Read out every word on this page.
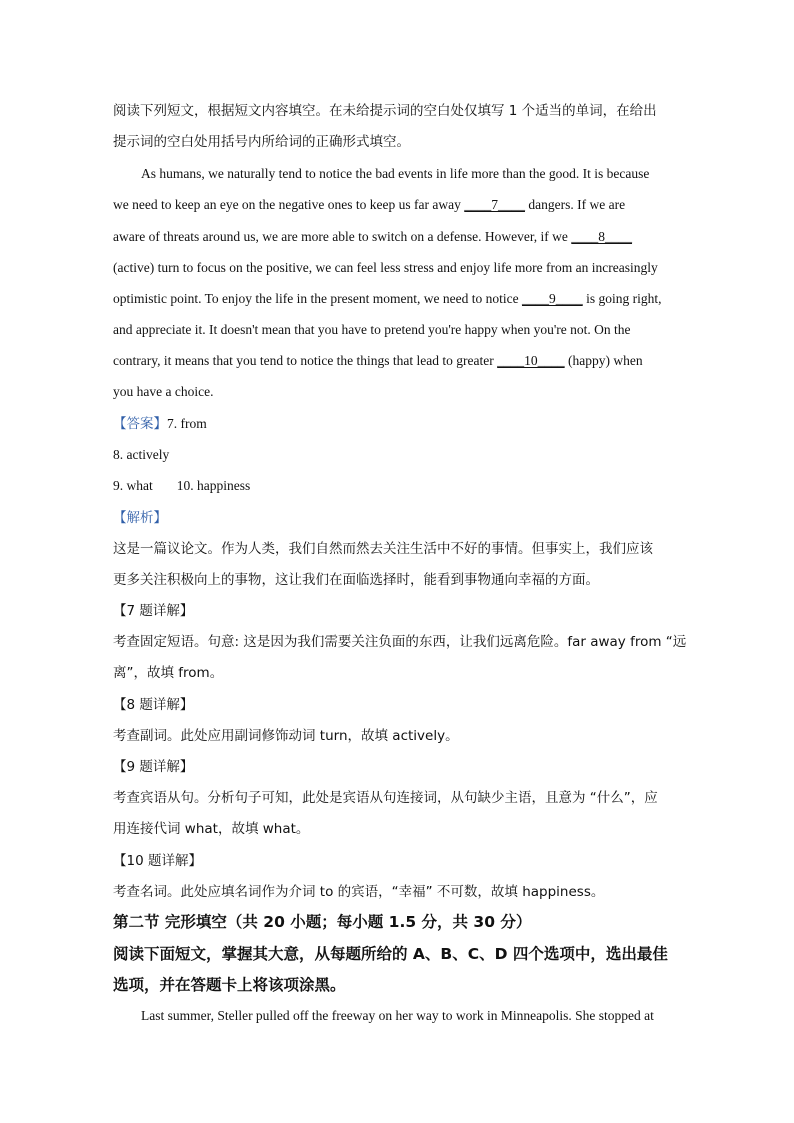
阅读下列短文，根据短文内容填空。在未给提示词的空白处仅填写 1 个适当的单词，在给出
提示词的空白处用括号内所给词的正确形式填空。
As humans, we naturally tend to notice the bad events in life more than the good. It is because
we need to keep an eye on the negative ones to keep us far away ____7____ dangers. If we are
aware of threats around us, we are more able to switch on a defense. However, if we ____8____
(active) turn to focus on the positive, we can feel less stress and enjoy life more from an increasingly
optimistic point. To enjoy the life in the present moment, we need to notice ____9____ is going right,
and appreciate it. It doesn't mean that you have to pretend you're happy when you're not. On the
contrary, it means that you tend to notice the things that lead to greater ____10____ (happy) when
you have a choice.
【答案】7. from
8. actively
9. what 10. happiness
【解析】
这是一篇议论文。作为人类，我们自然而然去关注生活中不好的事情。但事实上，我们应该
更多关注积极向上的事物，这让我们在面临选择时，能看到事物通向幸福的方面。
【7 题详解】
考查固定短语。句意: 这是因为我们需要关注负面的东西，让我们远离危险。far away from “远
离”，故填 from。
【8 题详解】
考查副词。此处应用副词修饰动词 turn，故填 actively。
【9 题详解】
考查宾语从句。分析句子可知，此处是宾语从句连接词，从句缺少主语，且意为 “什么”，应
用连接代词 what，故填 what。
【10 题详解】
考查名词。此处应填名词作为介词 to 的宾语，“幸福” 不可数，故填 happiness。
第二节 完形填空（共 20 小题；每小题 1.5 分，共 30 分）
阅读下面短文，掌握其大意，从每题所给的 A、B、C、D 四个选项中，选出最佳
选项，并在答题卡上将该项涂黑。
Last summer, Steller pulled off the freeway on her way to work in Minneapolis. She stopped at
